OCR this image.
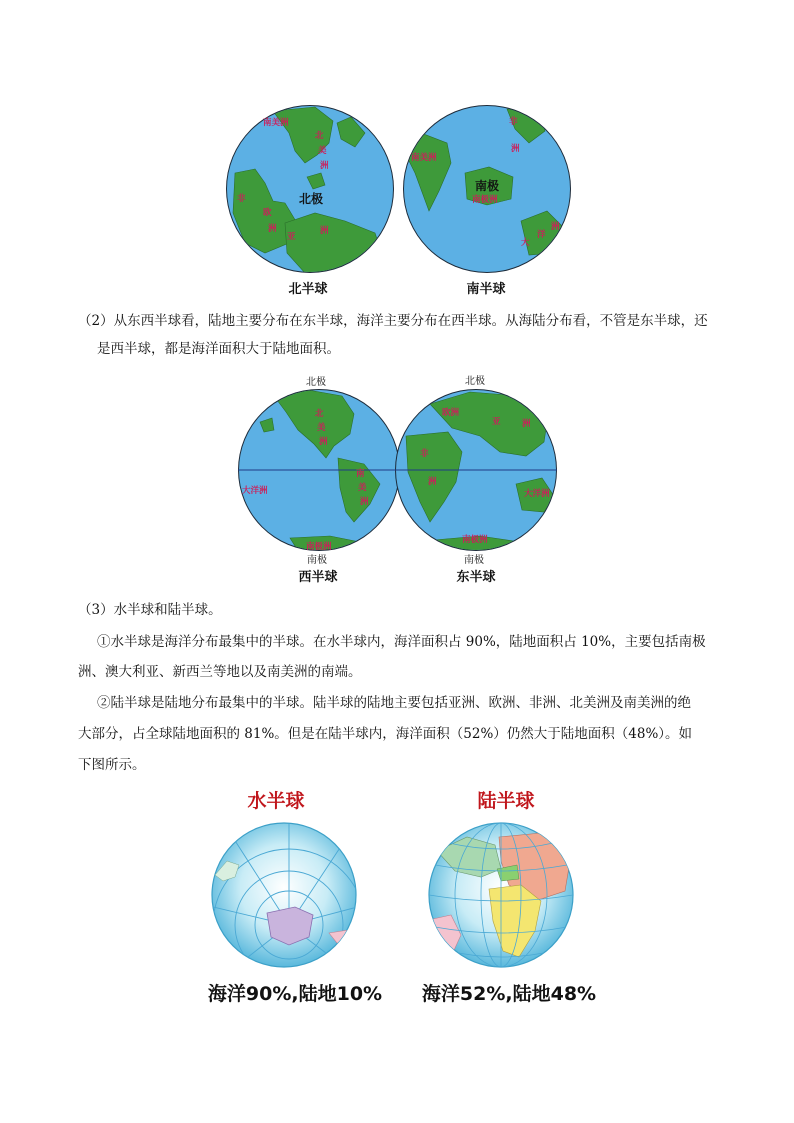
北
美
洲
南美洲
欧
洲
非
亚
洲
北极	南极洲
南美洲
非
洲
大
洋
洲
南极
北半球	南半球
（2）从东西半球看，陆地主要分布在东半球，海洋主要分布在西半球。从海陆分布看，不管是东半球，还
是西半球，都是海洋面积大于陆地面积。
北
美
洲
南
美
洲
大洋洲
南极洲
北极
南极
欧洲
亚	洲
非
洲
大洋洲
南极洲
北极
南极
西半球	东半球
（3）水半球和陆半球。
①水半球是海洋分布最集中的半球。在水半球内，海洋面积占 90%，陆地面积占 10%，主要包括南极
洲、澳大利亚、新西兰等地以及南美洲的南端。
②陆半球是陆地分布最集中的半球。陆半球的陆地主要包括亚洲、欧洲、非洲、北美洲及南美洲的绝
大部分，占全球陆地面积的 81%。但是在陆半球内，海洋面积（52%）仍然大于陆地面积（48%）。如
下图所示。
水半球	陆半球
海洋90%,陆地10%	海洋52%,陆地48%
